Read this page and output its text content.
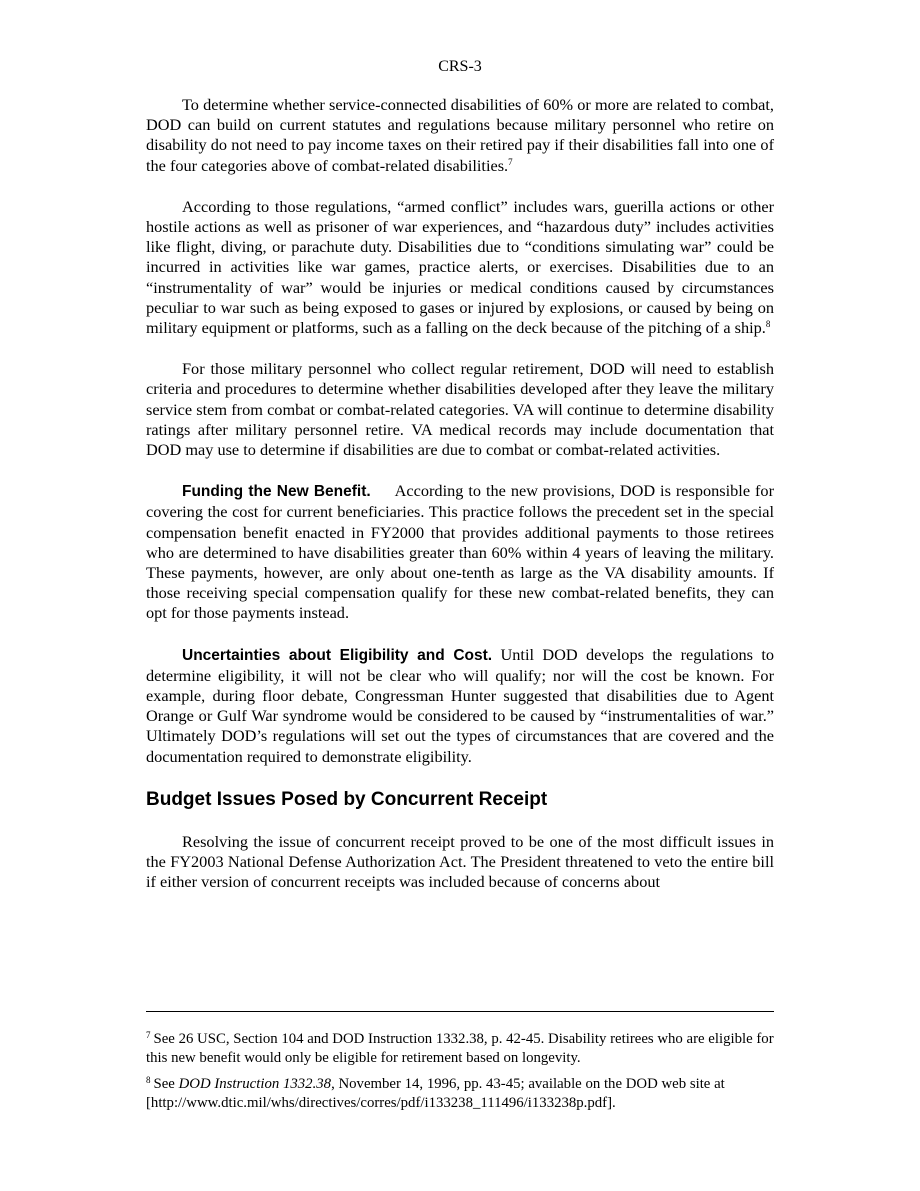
CRS-3

To determine whether service-connected disabilities of 60% or more are related to combat, DOD can build on current statutes and regulations because military personnel who retire on disability do not need to pay income taxes on their retired pay if their disabilities fall into one of the four categories above of combat-related disabilities.$^7$

According to those regulations, “armed conflict” includes wars, guerilla actions or other hostile actions as well as prisoner of war experiences, and “hazardous duty” includes activities like flight, diving, or parachute duty. Disabilities due to “conditions simulating war” could be incurred in activities like war games, practice alerts, or exercises. Disabilities due to an “instrumentality of war” would be injuries or medical conditions caused by circumstances peculiar to war such as being exposed to gases or injured by explosions, or caused by being on military equipment or platforms, such as a falling on the deck because of the pitching of a ship.$^8$

For those military personnel who collect regular retirement, DOD will need to establish criteria and procedures to determine whether disabilities developed after they leave the military service stem from combat or combat-related categories. VA will continue to determine disability ratings after military personnel retire. VA medical records may include documentation that DOD may use to determine if disabilities are due to combat or combat-related activities.

Funding the New Benefit. According to the new provisions, DOD is responsible for covering the cost for current beneficiaries. This practice follows the precedent set in the special compensation benefit enacted in FY2000 that provides additional payments to those retirees who are determined to have disabilities greater than 60% within 4 years of leaving the military. These payments, however, are only about one-tenth as large as the VA disability amounts. If those receiving special compensation qualify for these new combat-related benefits, they can opt for those payments instead.

Uncertainties about Eligibility and Cost. Until DOD develops the regulations to determine eligibility, it will not be clear who will qualify; nor will the cost be known. For example, during floor debate, Congressman Hunter suggested that disabilities due to Agent Orange or Gulf War syndrome would be considered to be caused by “instrumentalities of war.” Ultimately DOD’s regulations will set out the types of circumstances that are covered and the documentation required to demonstrate eligibility.

Budget Issues Posed by Concurrent Receipt

Resolving the issue of concurrent receipt proved to be one of the most difficult issues in the FY2003 National Defense Authorization Act. The President threatened to veto the entire bill if either version of concurrent receipts was included because of concerns about

$^7$ See 26 USC, Section 104 and DOD Instruction 1332.38, p. 42-45. Disability retirees who are eligible for this new benefit would only be eligible for retirement based on longevity.

$^8$ See DOD Instruction 1332.38, November 14, 1996, pp. 43-45; available on the DOD web site at [http://www.dtic.mil/whs/directives/corres/pdf/i133238_111496/i133238p.pdf].
